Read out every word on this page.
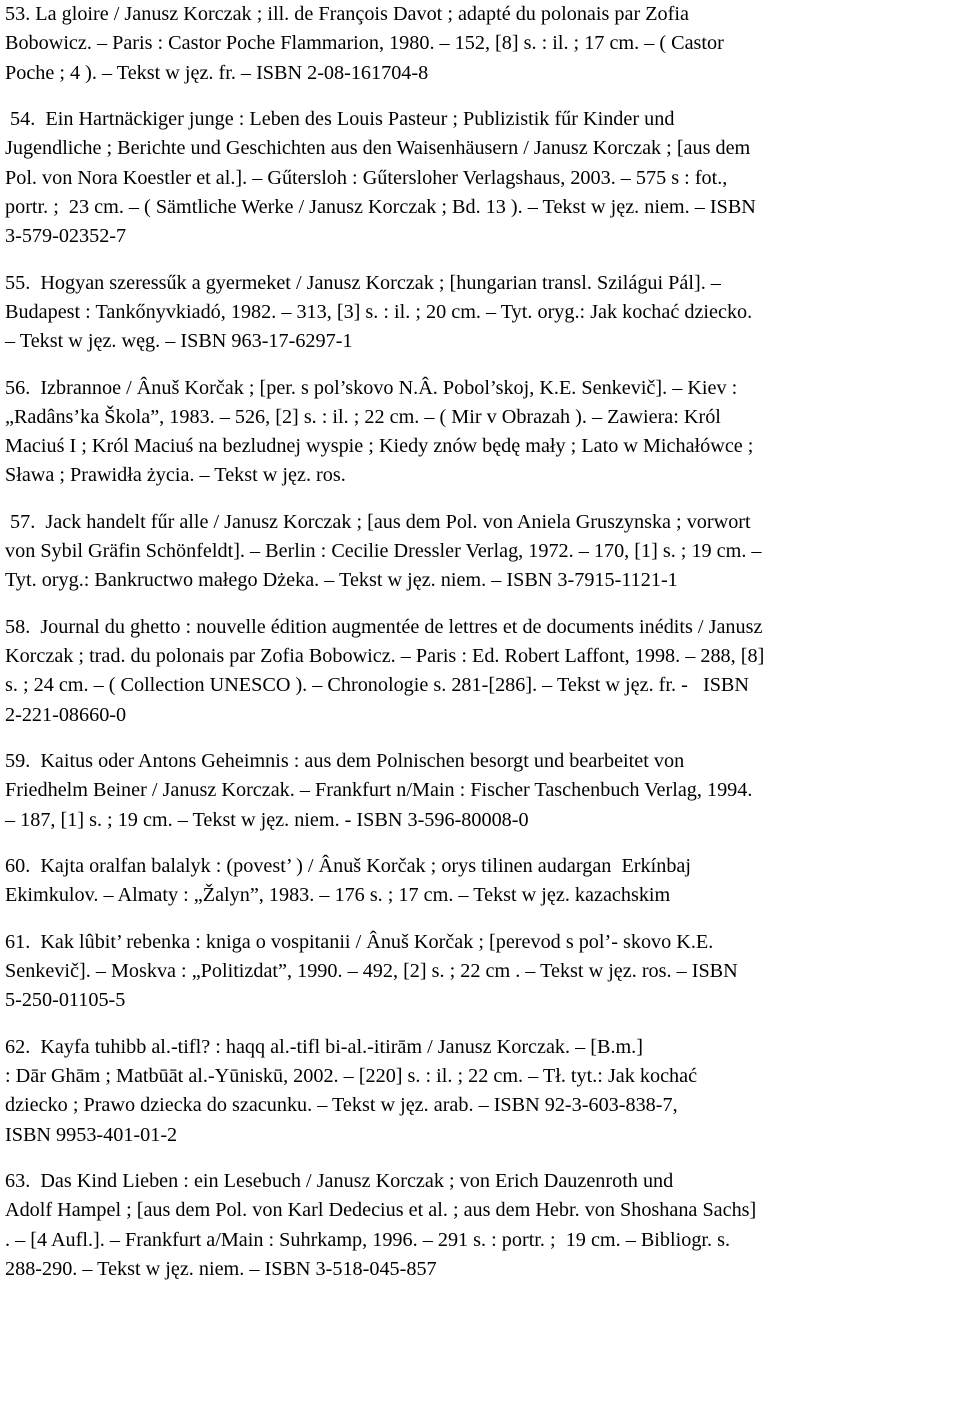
53. La gloire / Janusz Korczak ; ill. de François Davot ; adapté du polonais par Zofia
Bobowicz. – Paris : Castor Poche Flammarion, 1980. – 152, [8] s. : il. ; 17 cm. – ( Castor
Poche ; 4 ). – Tekst w jęz. fr. – ISBN 2-08-161704-8
54.  Ein Hartnäckiger junge : Leben des Louis Pasteur ; Publizistik fűr Kinder und
Jugendliche ; Berichte und Geschichten aus den Waisenhäusern / Janusz Korczak ; [aus dem
Pol. von Nora Koestler et al.]. – Gűtersloh : Gűtersloher Verlagshaus, 2003. – 575 s : fot.,
portr. ;  23 cm. – ( Sämtliche Werke / Janusz Korczak ; Bd. 13 ). – Tekst w jęz. niem. – ISBN
3-579-02352-7
55.  Hogyan szeressűk a gyermeket / Janusz Korczak ; [hungarian transl. Szilágui Pál]. –
Budapest : Tankőnyvkiadó, 1982. – 313, [3] s. : il. ; 20 cm. – Tyt. oryg.: Jak kochać dziecko.
– Tekst w jęz. węg. – ISBN 963-17-6297-1
56.  Izbrannoe / Ânuš Korčak ; [per. s pol’skovo N.Â. Pobol’skoj, K.E. Senkevič]. – Kiev :
„Radâns’ka Škola”, 1983. – 526, [2] s. : il. ; 22 cm. – ( Mir v Obrazah ). – Zawiera: Król
Maciuś I ; Król Maciuś na bezludnej wyspie ; Kiedy znów będę mały ; Lato w Michałówce ;
Sława ; Prawidła życia. – Tekst w jęz. ros.
57.  Jack handelt fűr alle / Janusz Korczak ; [aus dem Pol. von Aniela Gruszynska ; vorwort
von Sybil Gräfin Schönfeldt]. – Berlin : Cecilie Dressler Verlag, 1972. – 170, [1] s. ; 19 cm. –
Tyt. oryg.: Bankructwo małego Dżeka. – Tekst w jęz. niem. – ISBN 3-7915-1121-1
58.  Journal du ghetto : nouvelle édition augmentée de lettres et de documents inédits / Janusz
Korczak ; trad. du polonais par Zofia Bobowicz. – Paris : Ed. Robert Laffont, 1998. – 288, [8]
s. ; 24 cm. – ( Collection UNESCO ). – Chronologie s. 281-[286]. – Tekst w jęz. fr. -   ISBN
2-221-08660-0
59.  Kaitus oder Antons Geheimnis : aus dem Polnischen besorgt und bearbeitet von
Friedhelm Beiner / Janusz Korczak. – Frankfurt n/Main : Fischer Taschenbuch Verlag, 1994.
– 187, [1] s. ; 19 cm. – Tekst w jęz. niem. - ISBN 3-596-80008-0
60.  Kajta oralfan balalyk : (povest’ ) / Ânuš Korčak ; orys tilinen audargan  Erkínbaj
Ekimkulov. – Almaty : „Žalyn”, 1983. – 176 s. ; 17 cm. – Tekst w jęz. kazachskim
61.  Kak lûbit’ rebenka : kniga o vospitanii / Ânuš Korčak ; [perevod s pol’- skovo K.E.
Senkevič]. – Moskva : „Politizdat”, 1990. – 492, [2] s. ; 22 cm . – Tekst w jęz. ros. – ISBN
5-250-01105-5
62.  Kayfa tuhibb al.-tifl? : haqq al.-tifl bi-al.-itirām / Janusz Korczak. – [B.m.]
: Dār Ghām ; Matbūāt al.-Yūniskū, 2002. – [220] s. : il. ; 22 cm. – Tł. tyt.: Jak kochać
dziecko ; Prawo dziecka do szacunku. – Tekst w jęz. arab. – ISBN 92-3-603-838-7,
ISBN 9953-401-01-2
63.  Das Kind Lieben : ein Lesebuch / Janusz Korczak ; von Erich Dauzenroth und
Adolf Hampel ; [aus dem Pol. von Karl Dedecius et al. ; aus dem Hebr. von Shoshana Sachs]
. – [4 Aufl.]. – Frankfurt a/Main : Suhrkamp, 1996. – 291 s. : portr. ;  19 cm. – Bibliogr. s.
288-290. – Tekst w jęz. niem. – ISBN 3-518-045-857
